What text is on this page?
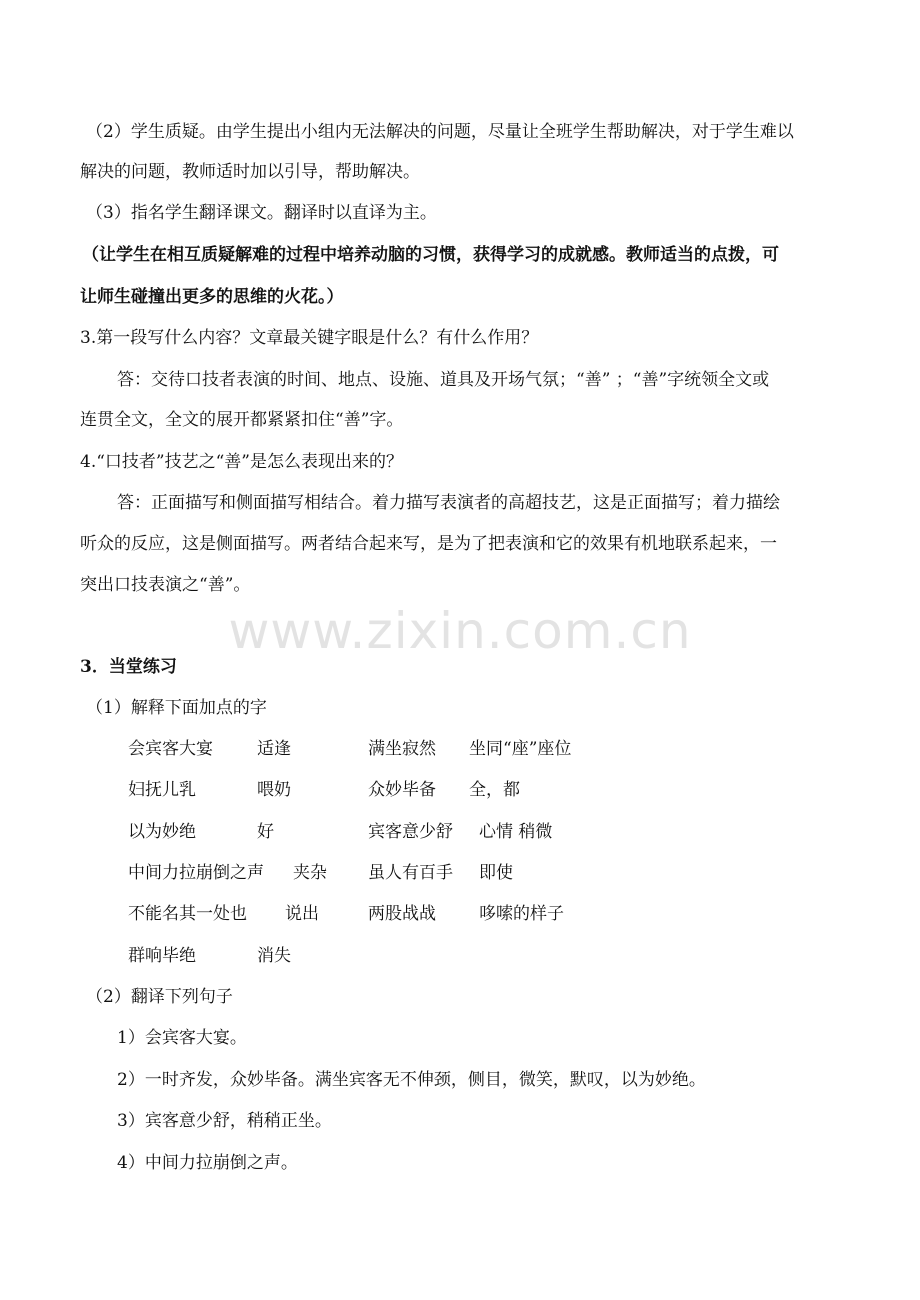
（2）学生质疑。由学生提出小组内无法解决的问题，尽量让全班学生帮助解决，对于学生难以
解决的问题，教师适时加以引导，帮助解决。
（3）指名学生翻译课文。翻译时以直译为主。
（让学生在相互质疑解难的过程中培养动脑的习惯，获得学习的成就感。教师适当的点拨，可
让师生碰撞出更多的思维的火花。）
3.第一段写什么内容？文章最关键字眼是什么？有什么作用？
答：交待口技者表演的时间、地点、设施、道具及开场气氛；“善” ；“善”字统领全文或
连贯全文，全文的展开都紧紧扣住“善”字。
4.“口技者”技艺之“善”是怎么表现出来的？
答：正面描写和侧面描写相结合。着力描写表演者的高超技艺，这是正面描写；着力描绘
听众的反应，这是侧面描写。两者结合起来写，是为了把表演和它的效果有机地联系起来，一
突出口技表演之“善”。
www.zixin.com.cn
3．当堂练习
（1）解释下面加点的字
会宾客大宴	适逢	满坐寂然 坐同“座”座位
妇抚儿乳	喂奶	众妙毕备 全，都
以为妙绝	好	宾客意少舒 心情 稍微
中间力拉崩倒之声 夹杂 虽人有百手 即使
不能名其一处也 说出	两股战战	哆嗦的样子
群响毕绝	消失
（2）翻译下列句子
1）会宾客大宴。
2）一时齐发，众妙毕备。满坐宾客无不伸颈，侧目，微笑，默叹，以为妙绝。
3）宾客意少舒，稍稍正坐。
4）中间力拉崩倒之声。
